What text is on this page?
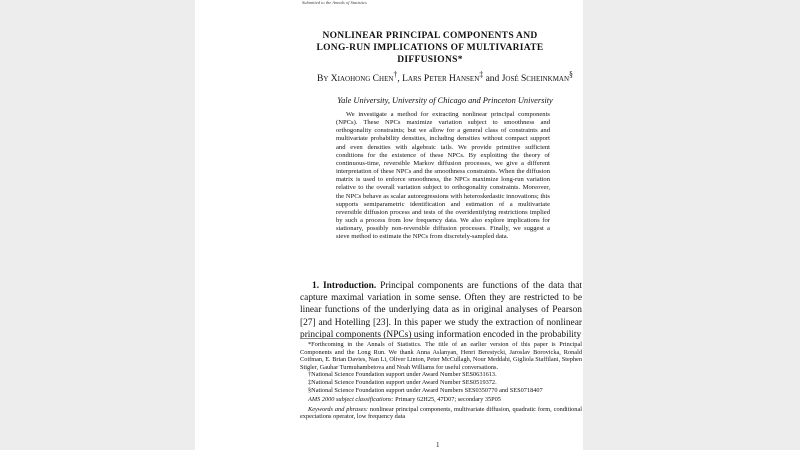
Submitted to the Annals of Statistics
NONLINEAR PRINCIPAL COMPONENTS AND
LONG-RUN IMPLICATIONS OF MULTIVARIATE
DIFFUSIONS*
By Xiaohong Chen†, Lars Peter Hansen‡ and José Scheinkman§
Yale University, University of Chicago and Princeton University

We investigate a method for extracting nonlinear principal components (NPCs). These NPCs maximize variation subject to smoothness and orthogonality constraints; but we allow for a general class of constraints and multivariate probability densities, including densities without compact support and even densities with algebraic tails. We provide primitive sufficient conditions for the existence of these NPCs. By exploiting the theory of continuous-time, reversible Markov diffusion processes, we give a different interpretation of these NPCs and the smoothness constraints. When the diffusion matrix is used to enforce smoothness, the NPCs maximize long-run variation relative to the overall variation subject to orthogonality constraints. Moreover, the NPCs behave as scalar autoregressions with heteroskedastic innovations; this supports semiparametric identification and estimation of a multivariate reversible diffusion process and tests of the overidentifying restrictions implied by such a process from low frequency data. We also explore implications for stationary, possibly non-reversible diffusion processes. Finally, we suggest a sieve method to estimate the NPCs from discretely-sampled data.

1. Introduction. Principal components are functions of the data that capture maximal variation in some sense. Often they are restricted to be linear functions of the underlying data as in original analyses of Pearson [27] and Hotelling [23]. In this paper we study the extraction of nonlinear principal components (NPCs) using information encoded in the probability

*Forthcoming in the Annals of Statistics. The title of an earlier version of this paper is Principal Components and the Long Run. We thank Anna Aslanyan, Henri Berestycki, Jaroslav Borovicka, Ronald Coifman, E. Brian Davies, Nan Li, Oliver Linton, Peter McCullagh, Nour Meddahi, Gigliola Staffilani, Stephen Stigler, Gauhar Turmuhambetova and Noah Williams for useful conversations.

†National Science Foundation support under Award Number SES0631613.

‡National Science Foundation support under Award Number SES0519372.

§National Science Foundation support under Award Numbers SES0350770 and SES0718407

AMS 2000 subject classifications: Primary 62H25, 47D07; secondary 35P05

Keywords and phrases: nonlinear principal components, multivariate diffusion, quadratic form, conditional expectations operator, low frequency data

1
